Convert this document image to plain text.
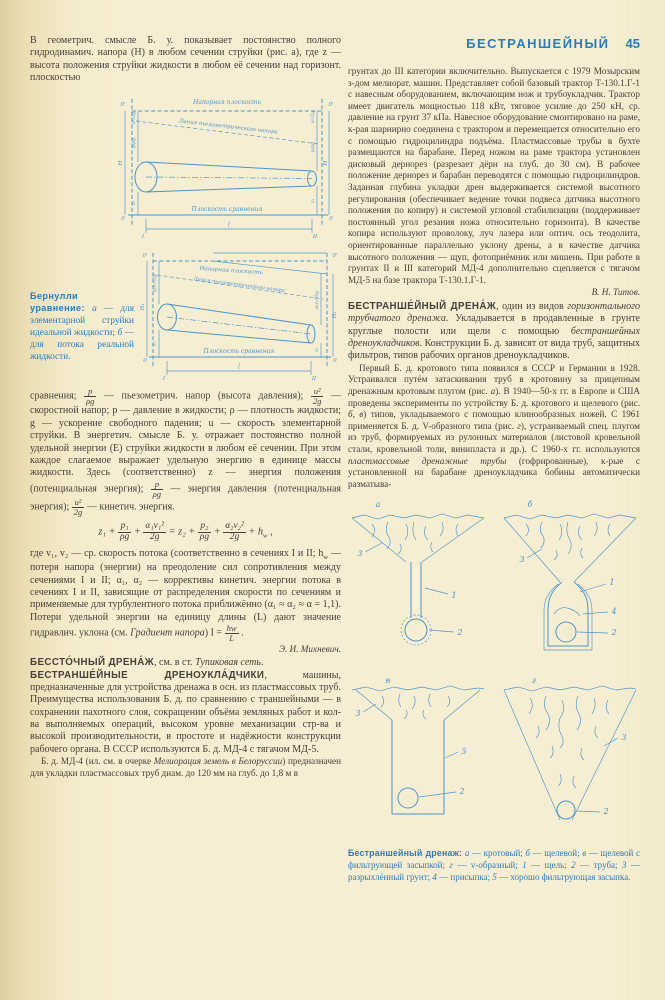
БЕСТРАНШЕЙНЫЙ 45

В геометрич. смысле Б. у. показывает постоянство полного гидродинамич. напора (Н) в любом сечении струйки (рис. а), где z — высота положения струйки жидкости в любом её сечении над горизонт. плоскостью

Напорная плоскость
Линия пьезометрического напора
Плоскость сравнения
0'	0'
0	0
u²/2g
p/ρg
H
z₁
u²/2g
p/ρg
H
z₂
l
I	II
Бернулли уравнение: а — для элементарной струйки идеальной жидкости; б — для потока реальной жидкости.
Напорная плоскость
Линия пьезометрического напора
Плоскость сравнения
0'	0'
0	0
H₁
α₁v₁²/2g
z₁
H₂
α₂v₂²/2g
z₂
l
I	II

сравнения; $\frac{p}{\rho g}$ — пьезометрич. напор (высота давления); $\frac{\text{u²}}{2g}$ — скоростной напор; p — давление в жидкости; ρ — плотность жидкости; g — ускорение свободного падения; u — скорость элементарной струйки. В энергетич. смысле Б. у. отражает постоянство полной удельной энергии (E) струйки жидкости в любом её сечении. При этом каждое слагаемое выражает удельную энергию в единице массы жидкости. Здесь (соответственно) z — энергия положения (потенциальная энергия); $\frac{p}{\rho g}$ — энергия давления (потенциальная энергия); $\frac{\text{u²}}{2g}$ — кинетич. энергия.

$z_1 + \frac{\text{p₁}}{\rho g} + \frac{\text{α₁v₁²}}{2g} = z_2 + \frac{\text{p₂}}{\rho g} + \frac{\text{α₂v₂²}}{2g} + h_w$ ,

где v₁, v₂ — ср. скорость потока (соответственно в сечениях I и II; $h_w$ — потеря напора (энергии) на преодоление сил сопротивления между сечениями I и II; α₁, α₂ — коррективы кинетич. энергии потока в сечениях I и II, зависящие от распределения скорости по сечениям и применяемые для турбулентного потока приближённо (α₁ ≈ α₂ ≈ α = 1,1). Потери удельной энергии на единицу длины (L) дают значение гидравлич. уклона (см. Градиент напора) $I = \frac{hw}{L}$ .

Э. И. Михневич.

БЕССТО́ЧНЫЙ ДРЕНА́Ж, см. в ст. Тупиковая сеть.

БЕСТРАНШЕ́ЙНЫЕ ДРЕНОУКЛА́ДЧИКИ, машины, предназначенные для устройства дренажа в осн. из пластмассовых труб. Преимущества использования Б. д. по сравнению с траншейными — в сохранении пахотного слоя, сокращении объёма земляных работ и кол-ва выполняемых операций, высоком уровне механизации стр-ва и высокой производительности, в простоте и надёжности конструкции рабочего органа. В СССР используются Б. д. МД-4 с тягачом МД-5.

Б. д. МД-4 (ил. см. в очерке Мелиорация земель в Белоруссии) предназначен для укладки пластмассовых труб диам. до 120 мм на глуб. до 1,8 м в

грунтах до III категории включительно. Выпускается с 1979 Мозырским з-дом мелиорат. машин. Представляет собой базовый трактор Т-130.1.Г-1 с навесным оборудованием, включающим нож и трубоукладчик. Трактор имеет двигатель мощностью 118 кВт, тяговое усилие до 250 кН, ср. давление на грунт 37 кПа. Навесное оборудование смонтировано на раме, к-рая шарнирно соединена с трактором и перемещается относительно его с помощью гидроцилиндра подъёма. Пластмассовые трубы в бухте размещаются на барабане. Перед ножом на раме трактора установлен дисковый дернорез (разрезает дёрн на глуб. до 30 см). В рабочее положение дернорез и барабан переводятся с помощью гидроцилиндров. Заданная глубина укладки дрен выдерживается системой высотного регулирования (обеспечивает ведение точки подвеса датчика высотного положения по копиру) и системой угловой стабилизации (поддерживает постоянный угол резания ножа относительно горизонта). В качестве копира используют проволоку, луч лазера или оптич. ось теодолита, ориентированные параллельно уклону дрены, а в качестве датчика высотного положения — щуп, фотоприёмник или мишень. При работе в грунтах II и III категорий МД-4 дополнительно сцепляется с тягачом МД-5 на базе трактора Т-130.1.Г-1.

В. Н. Титов.

БЕСТРАНШЕ́ЙНЫЙ ДРЕНА́Ж, один из видов горизонтального трубчатого дренажа. Укладывается в продавленные в грунте круглые полости или щели с помощью бестраншейных дреноукладчиков. Конструкции Б. д. зависят от вида труб, защитных фильтров, типов рабочих органов дреноукладчиков.

Первый Б. д. кротового типа появился в СССР и Германии в 1928. Устраивался путём затаскивания труб в кротовину за прицепным дренажным кротовым плугом (рис. а). В 1940—50-х гг. в Европе и США проведены эксперименты по устройству Б. д. кротового и щелевого (рис. б, в) типов, укладываемого с помощью клинообразных ножей. С 1961 применяется Б. д. V-образного типа (рис. г), устраиваемый спец. плугом из труб, формируемых из рулонных материалов (листовой кровельной стали, кровельной толи, винипласта и др.). С 1960-х гг. используются пластмассовые дренажные трубы (гофрированные), к-рые с установленной на барабане дреноукладчика бобины автоматически разматыва-

а
3
1
2
б
3
1
4
2
в
3
5
2
г
3
2
Бестраншейный дренаж: а — кротовый; б — щелевой; в — щелевой с фильтрующей засыпкой; г — v-образный; 1 — щель; 2 — труба; 3 — разрыхлённый грунт; 4 — присыпка; 5 — хорошо фильтрующая засыпка.
